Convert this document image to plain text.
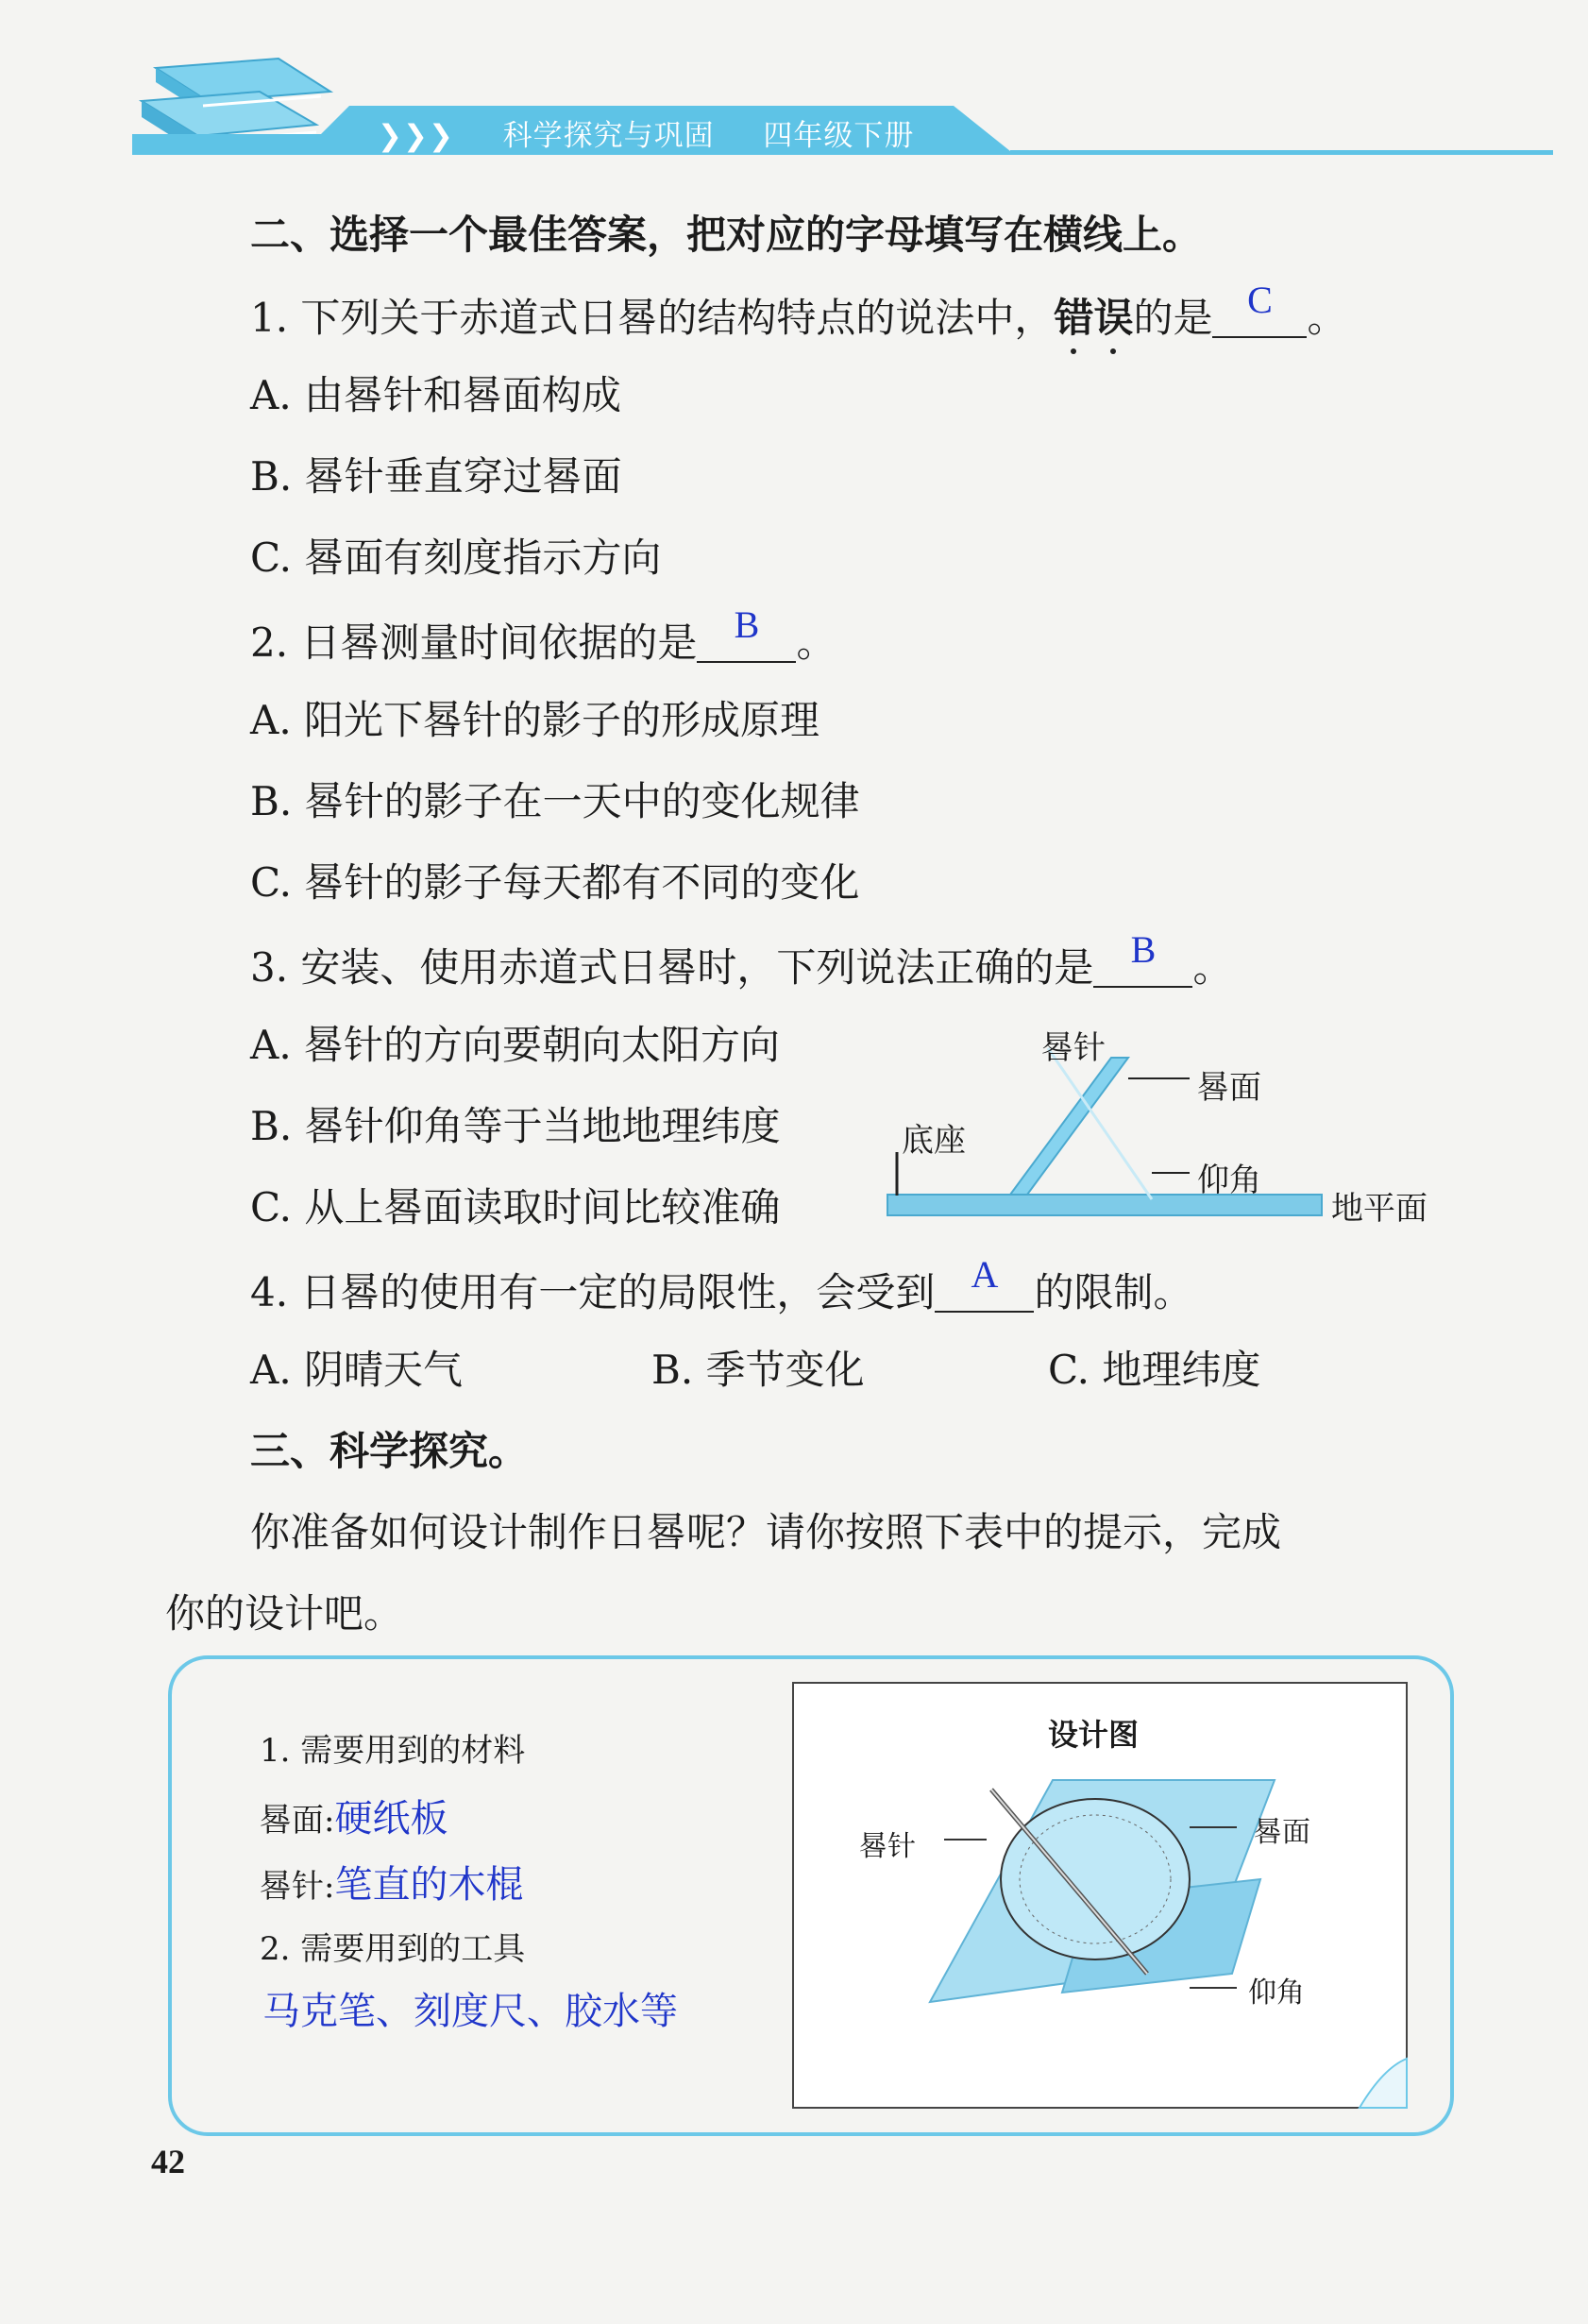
❯❯❯ 科学探究与巩固 四年级下册

二、选择一个最佳答案，把对应的字母填写在横线上。
1. 下列关于赤道式日晷的结构特点的说法中，错误
的是 C 。
A. 由晷针和晷面构成
B. 晷针垂直穿过晷面
C. 晷面有刻度指示方向
2. 日晷测量时间依据的是 B 。
A. 阳光下晷针的影子的形成原理
B. 晷针的影子在一天中的变化规律
C. 晷针的影子每天都有不同的变化
3. 安装、使用赤道式日晷时，下列说法正确的是 B 。
A. 晷针的方向要朝向太阳方向
B. 晷针仰角等于当地地理纬度
C. 从上晷面读取时间比较准确
晷针
晷面
底座
仰角
地平面
4. 日晷的使用有一定的局限性，会受到 A 的限制。
A. 阴晴天气	B. 季节变化	C. 地理纬度
三、科学探究。
你准备如何设计制作日晷呢？请你按照下表中的提示，完成
你的设计吧。
1. 需要用到的材料
晷面:硬纸板
晷针:笔直的木棍
2. 需要用到的工具
马克笔、刻度尺、胶水等
设计图
晷针	晷面
仰角
42
